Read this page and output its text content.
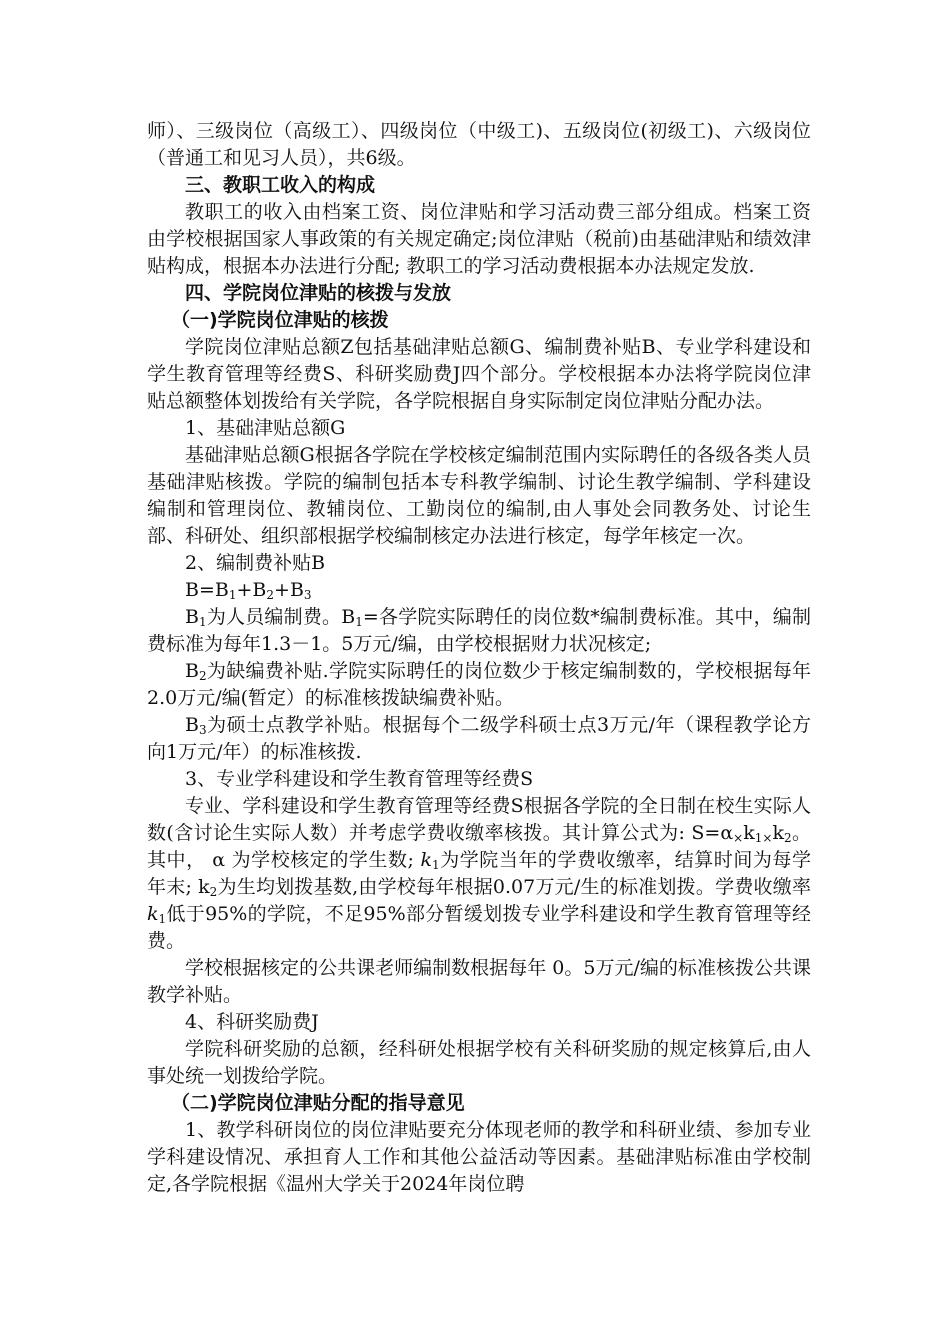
师）、三级岗位（高级工）、四级岗位（中级工)、五级岗位(初级工)、六级岗位（普通工和见习人员），共6级。

三、教职工收入的构成

教职工的收入由档案工资、岗位津贴和学习活动费三部分组成。档案工资由学校根据国家人事政策的有关规定确定;岗位津贴（税前)由基础津贴和绩效津贴构成，根据本办法进行分配; 教职工的学习活动费根据本办法规定发放.

四、学院岗位津贴的核拨与发放

（一)学院岗位津贴的核拨

学院岗位津贴总额Z包括基础津贴总额G、编制费补贴B、专业学科建设和学生教育管理等经费S、科研奖励费J四个部分。学校根据本办法将学院岗位津贴总额整体划拨给有关学院，各学院根据自身实际制定岗位津贴分配办法。

1、基础津贴总额G

基础津贴总额G根据各学院在学校核定编制范围内实际聘任的各级各类人员基础津贴核拨。学院的编制包括本专科教学编制、讨论生教学编制、学科建设编制和管理岗位、教辅岗位、工勤岗位的编制,由人事处会同教务处、讨论生部、科研处、组织部根据学校编制核定办法进行核定，每学年核定一次。

2、编制费补贴B

$B=B_1+B_2+B_3$

$B_1$为人员编制费。$B_1=$各学院实际聘任的岗位数*编制费标准。其中，编制费标准为每年1.3－1。5万元/编，由学校根据财力状况核定;

$B_2$为缺编费补贴.学院实际聘任的岗位数少于核定编制数的，学校根据每年2.0万元/编(暂定）的标准核拨缺编费补贴。

$B_3$为硕士点教学补贴。根据每个二级学科硕士点3万元/年（课程教学论方向1万元/年）的标准核拨.

3、专业学科建设和学生教育管理等经费S

专业、学科建设和学生教育管理等经费S根据各学院的全日制在校生实际人数(含讨论生实际人数）并考虑学费收缴率核拨。其计算公式为: $S=\alpha_\times k_{1\times}k_2$。其中， α 为学校核定的学生数; $k_1$为学院当年的学费收缴率，结算时间为每学年末; $k_2$为生均划拨基数,由学校每年根据0.07万元/生的标准划拨。学费收缴率 $k_1$低于95%的学院，不足95%部分暂缓划拨专业学科建设和学生教育管理等经费。

学校根据核定的公共课老师编制数根据每年 0。5万元/编的标准核拨公共课教学补贴。

4、科研奖励费J

学院科研奖励的总额，经科研处根据学校有关科研奖励的规定核算后,由人事处统一划拨给学院。

（二)学院岗位津贴分配的指导意见

1、教学科研岗位的岗位津贴要充分体现老师的教学和科研业绩、参加专业学科建设情况、承担育人工作和其他公益活动等因素。基础津贴标准由学校制定,各学院根据《温州大学关于2024年岗位聘
